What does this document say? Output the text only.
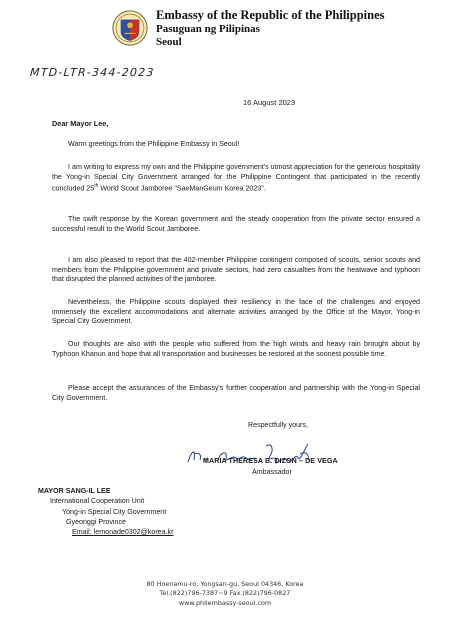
Embassy of the Republic of the Philippines
Pasuguan ng Pilipinas
Seoul
MTD-LTR-344-2023
16 August 2023
Dear Mayor Lee,

Warm greetings from the Philippine Embassy in Seoul!

I am writing to express my own and the Philippine government's utmost appreciation for the generous hospitality the Yong-in Special City Government arranged for the Philippine Contingent that participated in the recently concluded 25th World Scout Jamboree "SaeManGeum Korea 2023".

The swift response by the Korean government and the steady cooperation from the private sector ensured a successful result to the World Scout Jamboree.

I am also pleased to report that the 402-member Philippine contingent composed of scouts, senior scouts and members from the Philippine government and private sectors, had zero casualties from the heatwave and typhoon that disrupted the planned activities of the jamboree.

Nevertheless, the Philippine scouts displayed their resiliency in the face of the challenges and enjoyed immensely the excellent accommodations and alternate activities arranged by the Office of the Mayor, Yong-in Special City Government.

Our thoughts are also with the people who suffered from the high winds and heavy rain brought about by Typhoon Khanun and hope that all transportation and businesses be restored at the soonest possible time.

Please accept the assurances of the Embassy's further cooperation and partnership with the Yong-in Special City Government.

Respectfully yours,
MARIA THERESA B. DIZON – DE VEGA
Ambassador
MAYOR SANG-IL LEE
International Cooperation Unit
Yong-in Special City Government
Gyeonggi Province
Email: lemonade0302@korea.kr
80 Hoenamu-ro, Yongsan-gu, Seoul 04346, Korea
Tel.(822)796-7387~9 Fax.(822)796-0827
www.philembassy-seoul.com
